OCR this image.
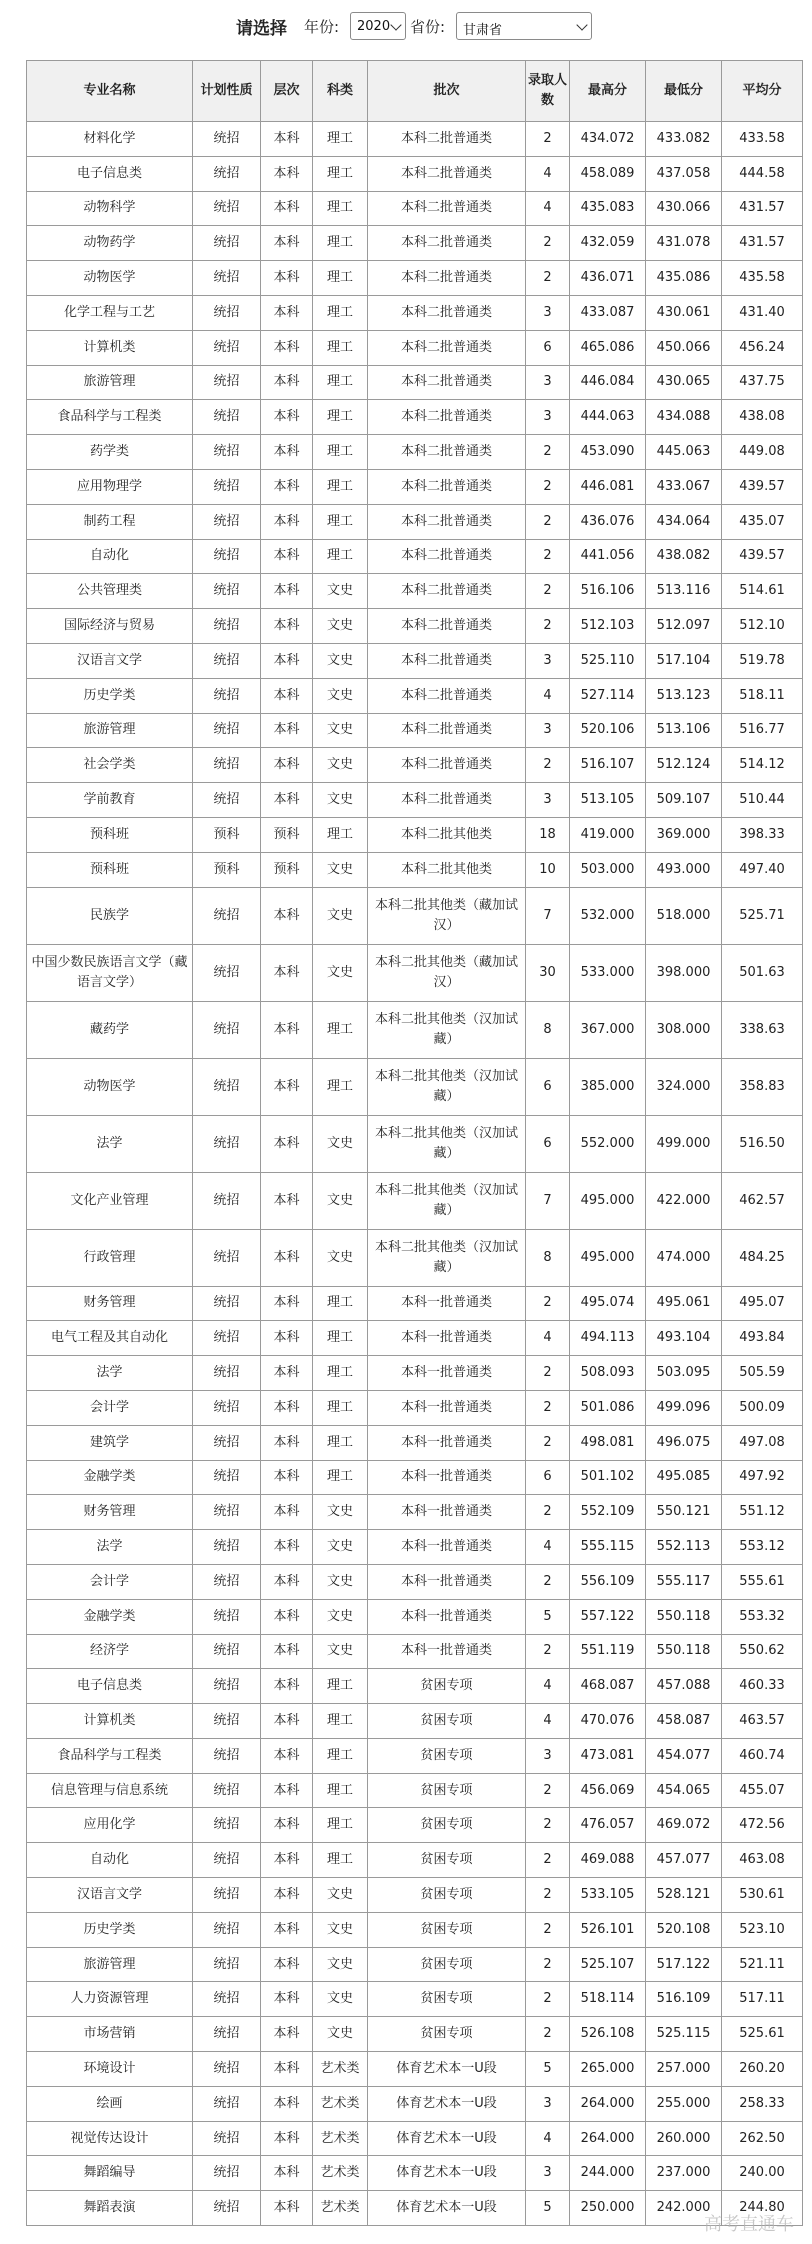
请选择 年份:	2020	省份:	甘肃省
专业名称	计划性质	层次	科类	批次	录取人数	最高分	最低分	平均分
材料化学	统招	本科	理工	本科二批普通类	2	434.072	433.082	433.58
电子信息类	统招	本科	理工	本科二批普通类	4	458.089	437.058	444.58
动物科学	统招	本科	理工	本科二批普通类	4	435.083	430.066	431.57
动物药学	统招	本科	理工	本科二批普通类	2	432.059	431.078	431.57
动物医学	统招	本科	理工	本科二批普通类	2	436.071	435.086	435.58
化学工程与工艺	统招	本科	理工	本科二批普通类	3	433.087	430.061	431.40
计算机类	统招	本科	理工	本科二批普通类	6	465.086	450.066	456.24
旅游管理	统招	本科	理工	本科二批普通类	3	446.084	430.065	437.75
食品科学与工程类	统招	本科	理工	本科二批普通类	3	444.063	434.088	438.08
药学类	统招	本科	理工	本科二批普通类	2	453.090	445.063	449.08
应用物理学	统招	本科	理工	本科二批普通类	2	446.081	433.067	439.57
制药工程	统招	本科	理工	本科二批普通类	2	436.076	434.064	435.07
自动化	统招	本科	理工	本科二批普通类	2	441.056	438.082	439.57
公共管理类	统招	本科	文史	本科二批普通类	2	516.106	513.116	514.61
国际经济与贸易	统招	本科	文史	本科二批普通类	2	512.103	512.097	512.10
汉语言文学	统招	本科	文史	本科二批普通类	3	525.110	517.104	519.78
历史学类	统招	本科	文史	本科二批普通类	4	527.114	513.123	518.11
旅游管理	统招	本科	文史	本科二批普通类	3	520.106	513.106	516.77
社会学类	统招	本科	文史	本科二批普通类	2	516.107	512.124	514.12
学前教育	统招	本科	文史	本科二批普通类	3	513.105	509.107	510.44
预科班	预科	预科	理工	本科二批其他类	18	419.000	369.000	398.33
预科班	预科	预科	文史	本科二批其他类	10	503.000	493.000	497.40
民族学	统招	本科	文史	本科二批其他类（藏加试汉）	7	532.000	518.000	525.71
中国少数民族语言文学（藏语言文学）	统招	本科	文史	本科二批其他类（藏加试汉）	30	533.000	398.000	501.63
藏药学	统招	本科	理工	本科二批其他类（汉加试藏）	8	367.000	308.000	338.63
动物医学	统招	本科	理工	本科二批其他类（汉加试藏）	6	385.000	324.000	358.83
法学	统招	本科	文史	本科二批其他类（汉加试藏）	6	552.000	499.000	516.50
文化产业管理	统招	本科	文史	本科二批其他类（汉加试藏）	7	495.000	422.000	462.57
行政管理	统招	本科	文史	本科二批其他类（汉加试藏）	8	495.000	474.000	484.25
财务管理	统招	本科	理工	本科一批普通类	2	495.074	495.061	495.07
电气工程及其自动化	统招	本科	理工	本科一批普通类	4	494.113	493.104	493.84
法学	统招	本科	理工	本科一批普通类	2	508.093	503.095	505.59
会计学	统招	本科	理工	本科一批普通类	2	501.086	499.096	500.09
建筑学	统招	本科	理工	本科一批普通类	2	498.081	496.075	497.08
金融学类	统招	本科	理工	本科一批普通类	6	501.102	495.085	497.92
财务管理	统招	本科	文史	本科一批普通类	2	552.109	550.121	551.12
法学	统招	本科	文史	本科一批普通类	4	555.115	552.113	553.12
会计学	统招	本科	文史	本科一批普通类	2	556.109	555.117	555.61
金融学类	统招	本科	文史	本科一批普通类	5	557.122	550.118	553.32
经济学	统招	本科	文史	本科一批普通类	2	551.119	550.118	550.62
电子信息类	统招	本科	理工	贫困专项	4	468.087	457.088	460.33
计算机类	统招	本科	理工	贫困专项	4	470.076	458.087	463.57
食品科学与工程类	统招	本科	理工	贫困专项	3	473.081	454.077	460.74
信息管理与信息系统	统招	本科	理工	贫困专项	2	456.069	454.065	455.07
应用化学	统招	本科	理工	贫困专项	2	476.057	469.072	472.56
自动化	统招	本科	理工	贫困专项	2	469.088	457.077	463.08
汉语言文学	统招	本科	文史	贫困专项	2	533.105	528.121	530.61
历史学类	统招	本科	文史	贫困专项	2	526.101	520.108	523.10
旅游管理	统招	本科	文史	贫困专项	2	525.107	517.122	521.11
人力资源管理	统招	本科	文史	贫困专项	2	518.114	516.109	517.11
市场营销	统招	本科	文史	贫困专项	2	526.108	525.115	525.61
环境设计	统招	本科	艺术类	体育艺术本一U段	5	265.000	257.000	260.20
绘画	统招	本科	艺术类	体育艺术本一U段	3	264.000	255.000	258.33
视觉传达设计	统招	本科	艺术类	体育艺术本一U段	4	264.000	260.000	262.50
舞蹈编导	统招	本科	艺术类	体育艺术本一U段	3	244.000	237.000	240.00
舞蹈表演	统招	本科	艺术类	体育艺术本一U段	5	250.000	242.000	244.80
高考直通车
